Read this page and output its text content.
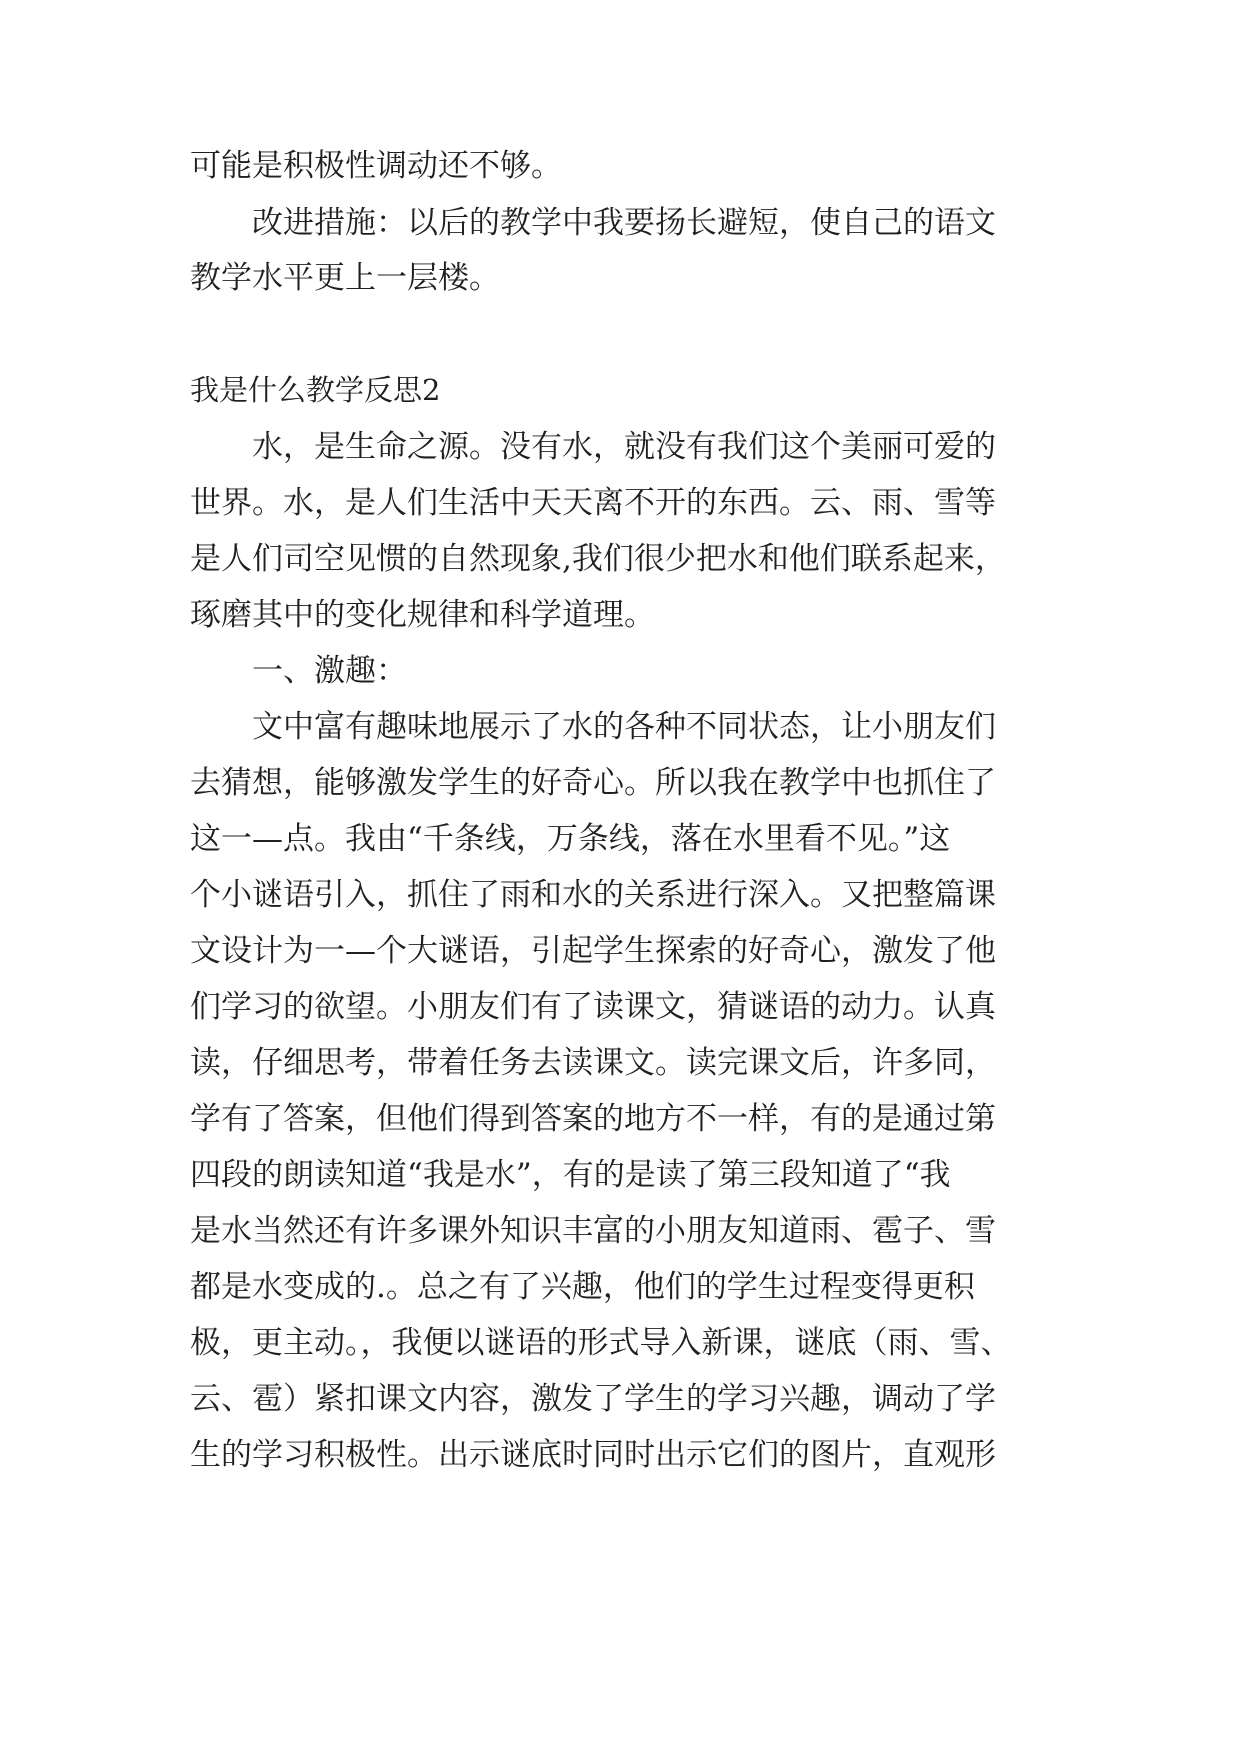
可能是积极性调动还不够。
改进措施：以后的教学中我要扬长避短，使自己的语文
教学水平更上一层楼。
我是什么教学反思2
水，是生命之源。没有水，就没有我们这个美丽可爱的
世界。水，是人们生活中天天离不开的东西。云、雨、雪等
是人们司空见惯的自然现象,我们很少把水和他们联系起来，
琢磨其中的变化规律和科学道理。
一、激趣：
文中富有趣味地展示了水的各种不同状态，让小朋友们
去猜想，能够激发学生的好奇心。所以我在教学中也抓住了
这一—点。我由“千条线，万条线，落在水里看不见。”这
个小谜语引入，抓住了雨和水的关系进行深入。又把整篇课
文设计为一—个大谜语，引起学生探索的好奇心，激发了他
们学习的欲望。小朋友们有了读课文，猜谜语的动力。认真
读，仔细思考，带着任务去读课文。读完课文后，许多同，
学有了答案，但他们得到答案的地方不一样，有的是通过第
四段的朗读知道“我是水”，有的是读了第三段知道了“我
是水当然还有许多课外知识丰富的小朋友知道雨、雹子、雪
都是水变成的.。总之有了兴趣，他们的学生过程变得更积
极，更主动。，我便以谜语的形式导入新课，谜底（雨、雪、
云、雹）紧扣课文内容，激发了学生的学习兴趣，调动了学
生的学习积极性。出示谜底时同时出示它们的图片，直观形
